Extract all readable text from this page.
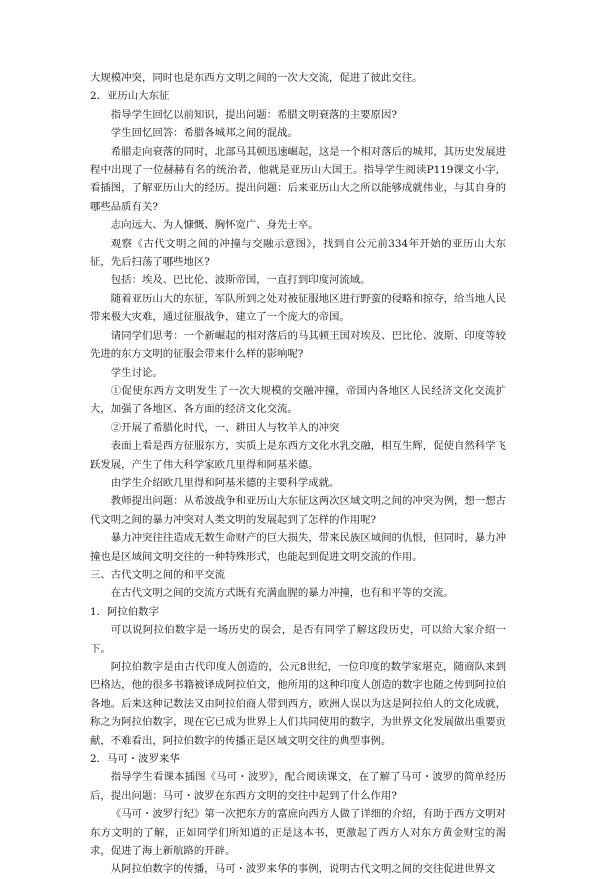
大规模冲突，同时也是东西方文明之间的一次大交流，促进了彼此交往。

2．亚历山大东征

指导学生回忆以前知识，提出问题：希腊文明衰落的主要原因?

学生回忆回答：希腊各城邦之间的混战。

希腊走向衰落的同时，北部马其顿迅速崛起，这是一个相对落后的城邦，其历史发展进程中出现了一位赫赫有名的统治者，他就是亚历山大国王。指导学生阅读P119课文小字，看插图，了解亚历山大的经历。提出问题：后来亚历山大之所以能够成就伟业，与其自身的哪些品质有关?

志向远大、为人慷慨、胸怀宽广、身先士卒。

观察《古代文明之间的冲撞与交融示意图》，找到自公元前334年开始的亚历山大东征，先后扫荡了哪些地区?

包括：埃及、巴比伦、波斯帝国，一直打到印度河流域。

随着亚历山大的东征，军队所到之处对被征服地区进行野蛮的侵略和掠夺，给当地人民带来极大灾难，通过征服战争，建立了一个庞大的帝国。

请同学们思考：一个新崛起的相对落后的马其顿王国对埃及、巴比伦、波斯、印度等较先进的东方文明的征服会带来什么样的影响呢?

学生讨论。

①促使东西方文明发生了一次大规模的交融冲撞，帝国内各地区人民经济文化交流扩大，加强了各地区、各方面的经济文化交流。

②开展了希腊化时代，一、耕田人与牧羊人的冲突

表面上看是西方征服东方，实质上是东西方文化水乳交融，相互生辉，促使自然科学飞跃发展，产生了伟大科学家欧几里得和阿基米德。

由学生介绍欧几里得和阿基米德的主要科学成就。

教师提出问题：从希波战争和亚历山大东征这两次区域文明之间的冲突为例，想一想古代文明之间的暴力冲突对人类文明的发展起到了怎样的作用呢?

暴力冲突往往造成无数生命财产的巨大损失，带来民族区域间的仇恨，但同时，暴力冲撞也是区域间文明交往的一种特殊形式，也能起到促进文明交流的作用。

三、古代文明之间的和平交流

在古代文明之间的交流方式既有充满血腥的暴力冲撞，也有和平等的交流。

1．阿拉伯数字

可以说阿拉伯数字是一场历史的误会，是否有同学了解这段历史，可以给大家介绍一下。

阿拉伯数字是由古代印度人创造的，公元8世纪，一位印度的数学家堪克，随商队来到巴格达，他的很多书籍被译成阿拉伯文，他所用的这种印度人创造的数字也随之传到阿拉伯各地。后来这种记数法又由阿拉伯商人带到西方，欧洲人误以为这是阿拉伯人的文化成就，称之为阿拉伯数字，现在它已成为世界上人们共同使用的数字，为世界文化发展做出重要贡献，不难看出，阿拉伯数字的传播正是区域文明交往的典型事例。

2．马可・波罗来华

指导学生看课本插图《马可・波罗》，配合阅读课文，在了解了马可・波罗的简单经历后，提出问题：马可・波罗在东西方文明的交往中起到了什么作用?

《马可・波罗行纪》第一次把东方的富庶向西方人做了详细的介绍，有助于西方文明对东方文明的了解，正如同学们所知道的正是这本书，更激起了西方人对东方黄金财宝的渴求，促进了海上新航路的开辟。

从阿拉伯数字的传播，马可・波罗来华的事例，说明古代文明之间的交往促进世界文
